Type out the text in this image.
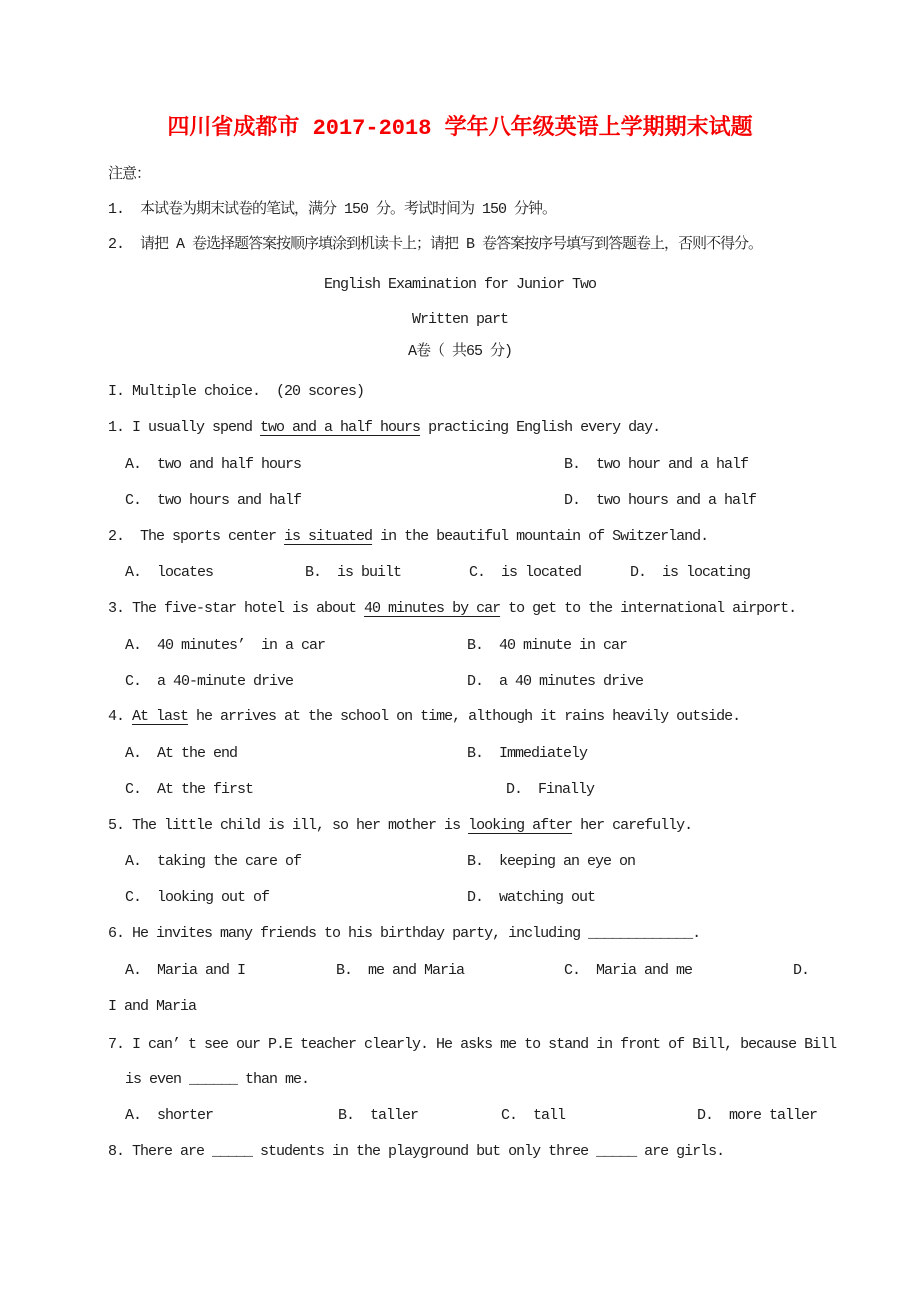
四川省成都市 2017-2018 学年八年级英语上学期期末试题

注意：

1.  本试卷为期末试卷的笔试，满分 150 分。考试时间为 150 分钟。

2.  请把 A 卷选择题答案按顺序填涂到机读卡上；请把 B 卷答案按序号填写到答题卷上，否则不得分。

English Examination for Junior Two
Written part
A卷（ 共65 分)

I. Multiple choice.  (20 scores)

1. I usually spend two and a half hours practicing English every day.

A.  two and half hours

	B.  two hour and a half

C.  two hours and half

	D.  two hours and a half

2.  The sports center is situated in the beautiful mountain of Switzerland.

A.  locates

	B.  is built

	C.  is located

	D.  is locating

3. The five-star hotel is about 40 minutes by car to get to the international airport.

A.  40 minutes’  in a car

	B.  40 minute in car

C.  a 40-minute drive

	D.  a 40 minutes drive

4. At last he arrives at the school on time, although it rains heavily outside.

A.  At the end

	B.  Immediately

C.  At the first

	D.  Finally

5. The little child is ill, so her mother is looking after her carefully.

A.  taking the care of

	B.  keeping an eye on

C.  looking out of

	D.  watching out

6. He invites many friends to his birthday party, including _____________.

A.  Maria and I

	B.  me and Maria

	C.  Maria and me

	D.

I and Maria

7. I can’ t see our P.E teacher clearly. He asks me to stand in front of Bill, because Bill

is even ______ than me.

A.  shorter

	B.  taller

	C.  tall

	D.  more taller

8. There are _____ students in the playground but only three _____ are girls.
